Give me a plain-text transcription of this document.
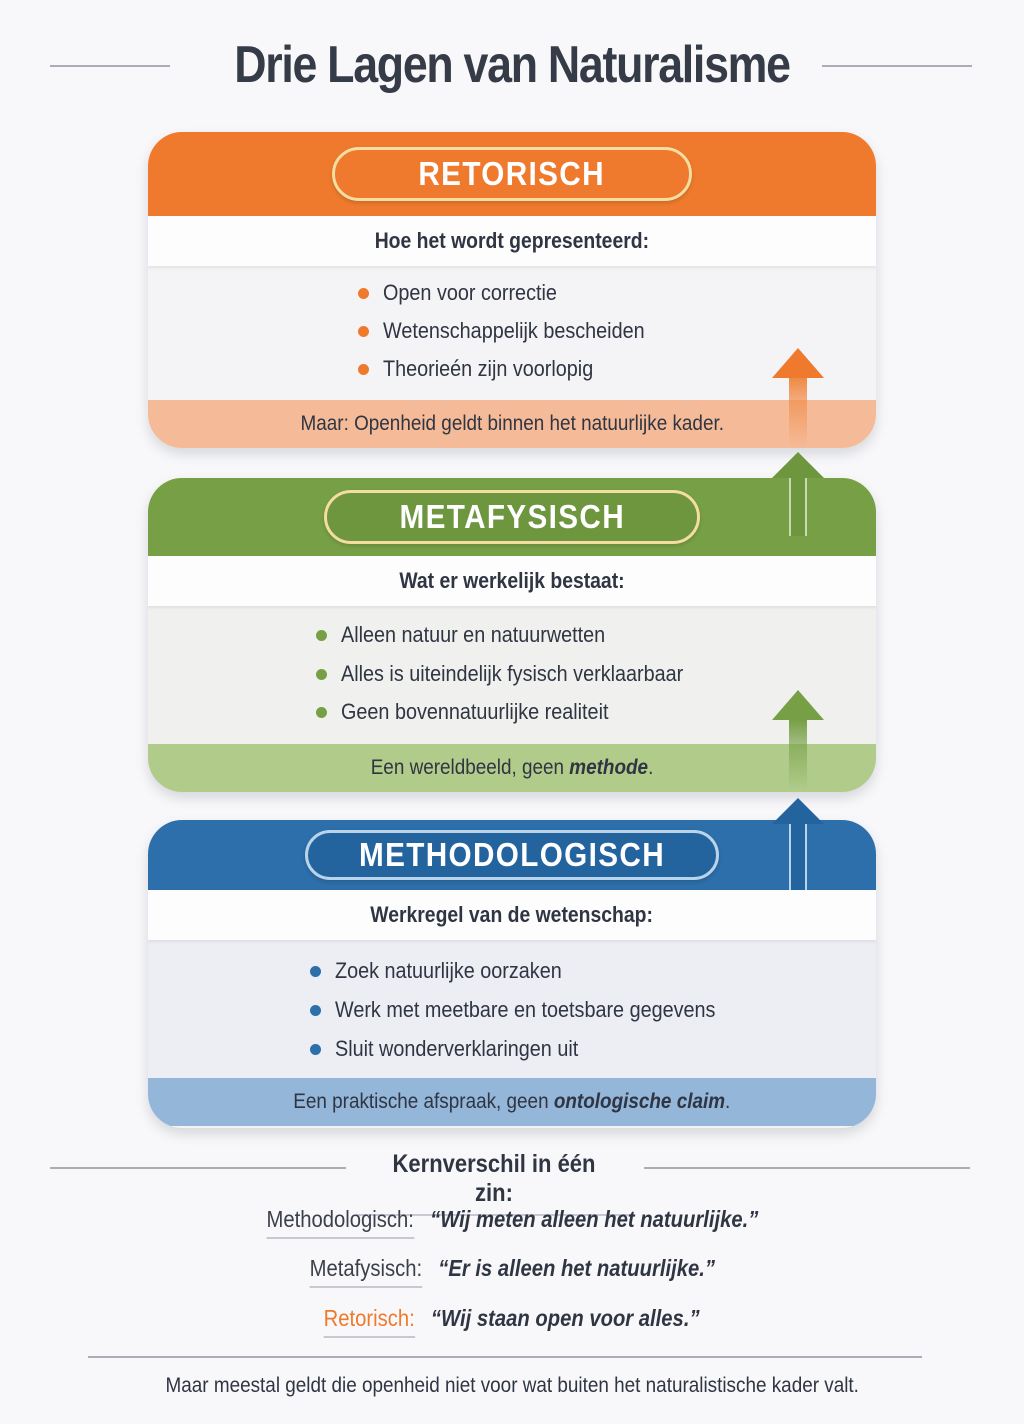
Drie Lagen van Naturalisme
RETORISCH
Hoe het wordt gepresenteerd:
Open voor correctie
Wetenschappelijk bescheiden
Theorieén zijn voorlopig
Maar: Openheid geldt binnen het natuurlijke kader.
METAFYSISCH
Wat er werkelijk bestaat:
Alleen natuur en natuurwetten
Alles is uiteindelijk fysisch verklaarbaar
Geen bovennatuurlijke realiteit
Een wereldbeeld, geen methode.
METHODOLOGISCH
Werkregel van de wetenschap:
Zoek natuurlijke oorzaken
Werk met meetbare en toetsbare gegevens
Sluit wonderverklaringen uit
Een praktische afspraak, geen ontologische claim.
Kernverschil in één zin:
Methodologisch: “Wij meten alleen het natuurlijke.”
Metafysisch: “Er is alleen het natuurlijke.”
Retorisch: “Wij staan open voor alles.”
Maar meestal geldt die openheid niet voor wat buiten het naturalistische kader valt.
